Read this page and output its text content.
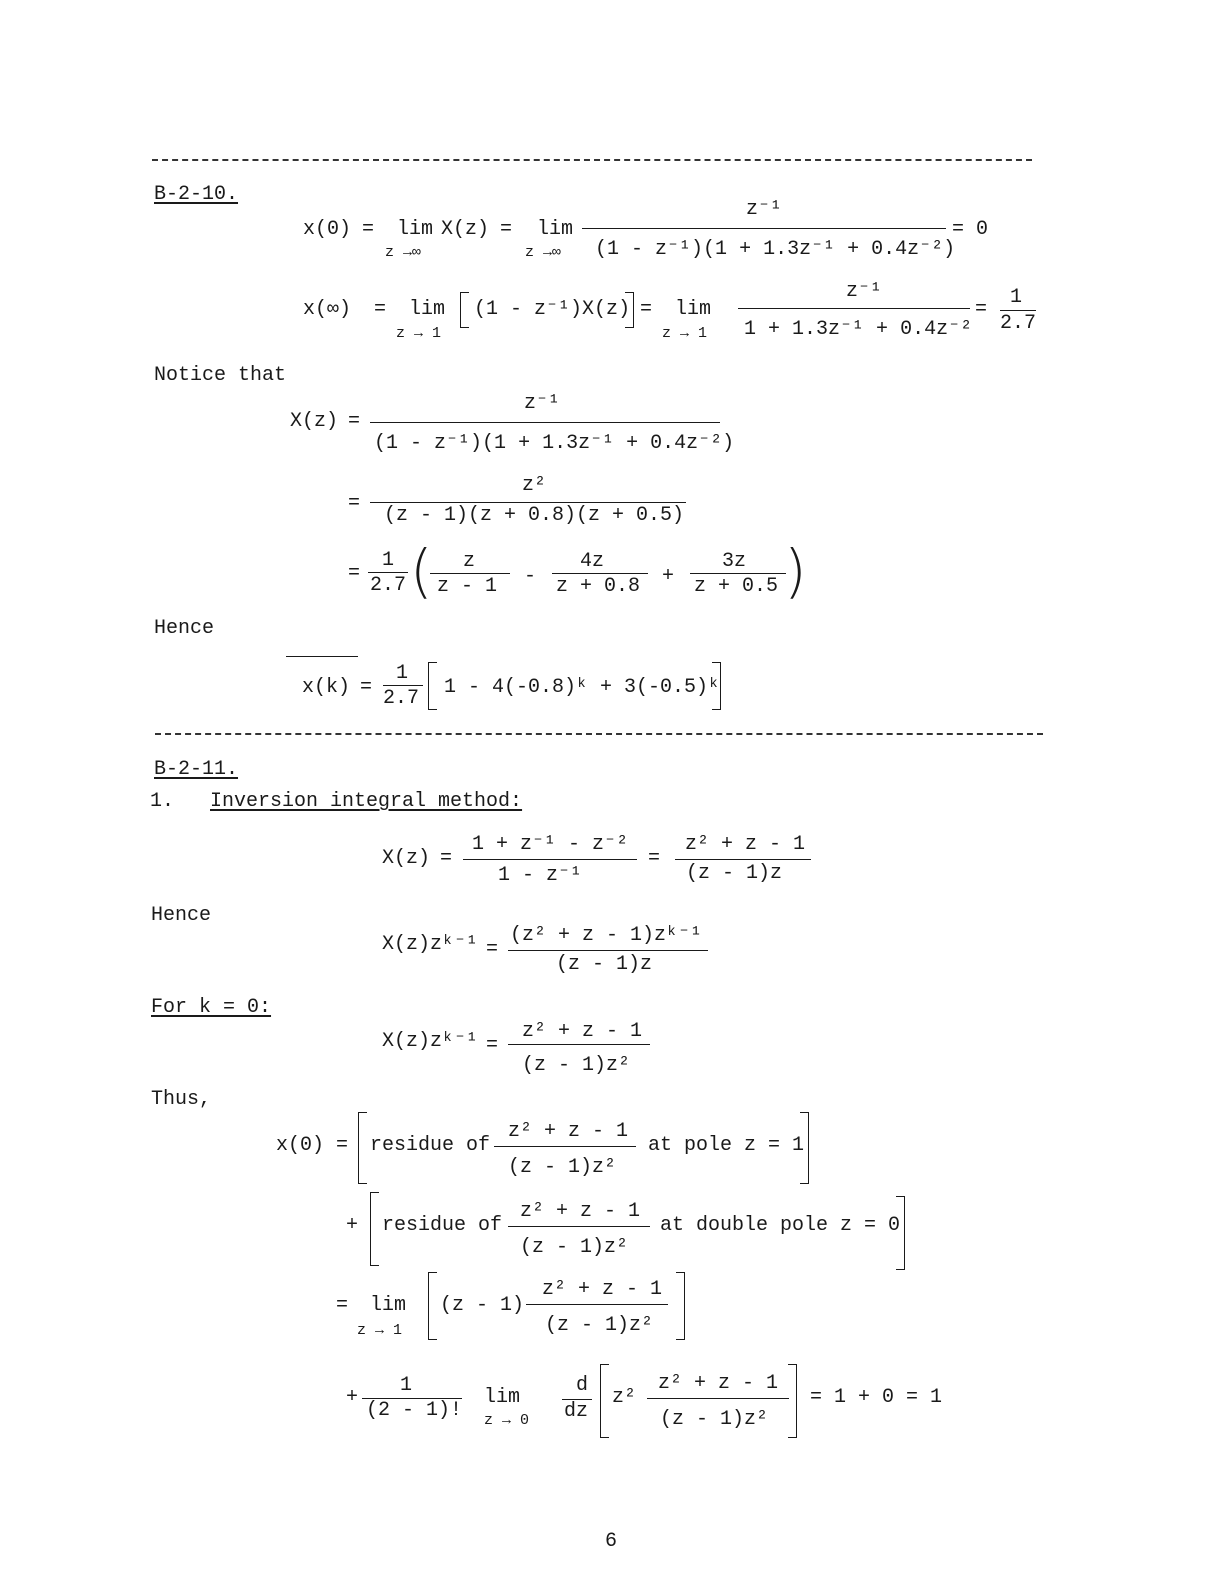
B-2-10.
x(0) = lim X(z)
z →∞
= lim
z →∞
z⁻¹
(1 - z⁻¹)(1 + 1.3z⁻¹ + 0.4z⁻²)
= 0
x(∞) = lim
z → 1
(1 - z⁻¹)X(z) = lim
z → 1
z⁻¹
1 + 1.3z⁻¹ + 0.4z⁻²
=
1
2.7
Notice that
X(z) =
z⁻¹
(1 - z⁻¹)(1 + 1.3z⁻¹ + 0.4z⁻²)
=
z²
(z - 1)(z + 0.8)(z + 0.5)
=
1
2.7 ( z
z - 1 -
4z
z + 0.8 +
3z
z + 0.5 )
Hence
x(k) =
1
2.7 1 - 4(-0.8)ᵏ + 3(-0.5)ᵏ
B-2-11.
1. Inversion integral method:
X(z) =
1 + z⁻¹ - z⁻²
1 - z⁻¹
=
z² + z - 1
(z - 1)z
Hence
X(z)zᵏ⁻¹ =
(z² + z - 1)zᵏ⁻¹
(z - 1)z
For k = 0:
X(z)zᵏ⁻¹ =
z² + z - 1
(z - 1)z²
Thus,
x(0) = residue of
z² + z - 1
(z - 1)z²
at pole z = 1
+ residue of
z² + z - 1
(z - 1)z²
at double pole z = 0
= lim
z → 1
(z - 1)
z² + z - 1
(z - 1)z²
+
1
(2 - 1)!
lim
z → 0
d
dz
z²
z² + z - 1
(z - 1)z²
= 1 + 0 = 1
6
